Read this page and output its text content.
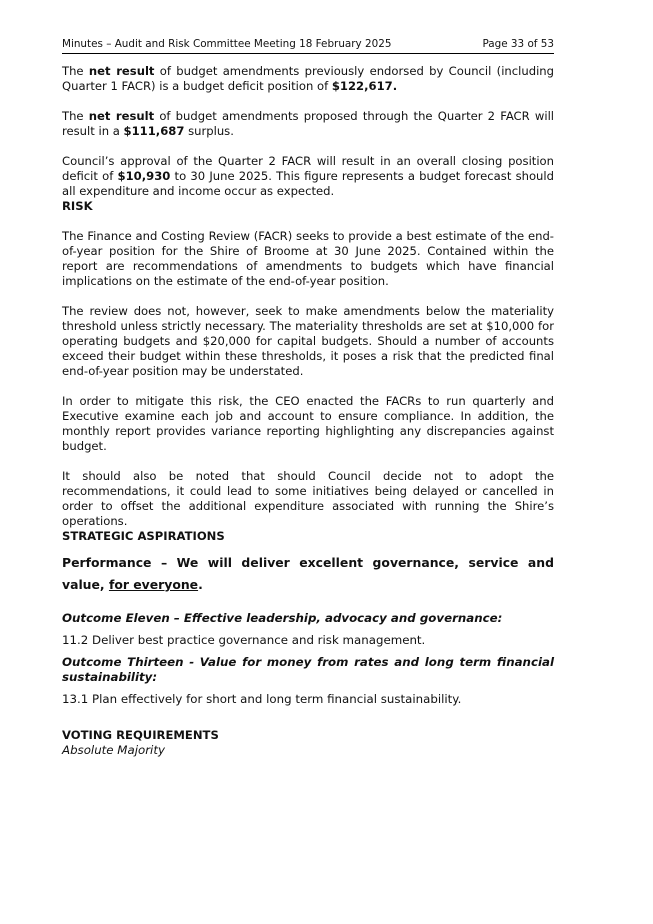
Minutes – Audit and Risk Committee Meeting 18 February 2025	Page 33 of 53

The net result of budget amendments previously endorsed by Council (including Quarter 1 FACR) is a budget deficit position of $122,617.

The net result of budget amendments proposed through the Quarter 2 FACR will result in a $111,687 surplus.

Council’s approval of the Quarter 2 FACR will result in an overall closing position deficit of $10,930 to 30 June 2025. This figure represents a budget forecast should all expenditure and income occur as expected.

RISK

The Finance and Costing Review (FACR) seeks to provide a best estimate of the end-of-year position for the Shire of Broome at 30 June 2025. Contained within the report are recommendations of amendments to budgets which have financial implications on the estimate of the end-of-year position.

The review does not, however, seek to make amendments below the materiality threshold unless strictly necessary. The materiality thresholds are set at $10,000 for operating budgets and $20,000 for capital budgets. Should a number of accounts exceed their budget within these thresholds, it poses a risk that the predicted final end-of-year position may be understated.

In order to mitigate this risk, the CEO enacted the FACRs to run quarterly and Executive examine each job and account to ensure compliance. In addition, the monthly report provides variance reporting highlighting any discrepancies against budget.

It should also be noted that should Council decide not to adopt the recommendations, it could lead to some initiatives being delayed or cancelled in order to offset the additional expenditure associated with running the Shire’s operations.

STRATEGIC ASPIRATIONS

Performance – We will deliver excellent governance, service and value, for everyone.

Outcome Eleven – Effective leadership, advocacy and governance:

11.2 Deliver best practice governance and risk management.

Outcome Thirteen - Value for money from rates and long term financial sustainability:

13.1 Plan effectively for short and long term financial sustainability.

VOTING REQUIREMENTS

Absolute Majority
